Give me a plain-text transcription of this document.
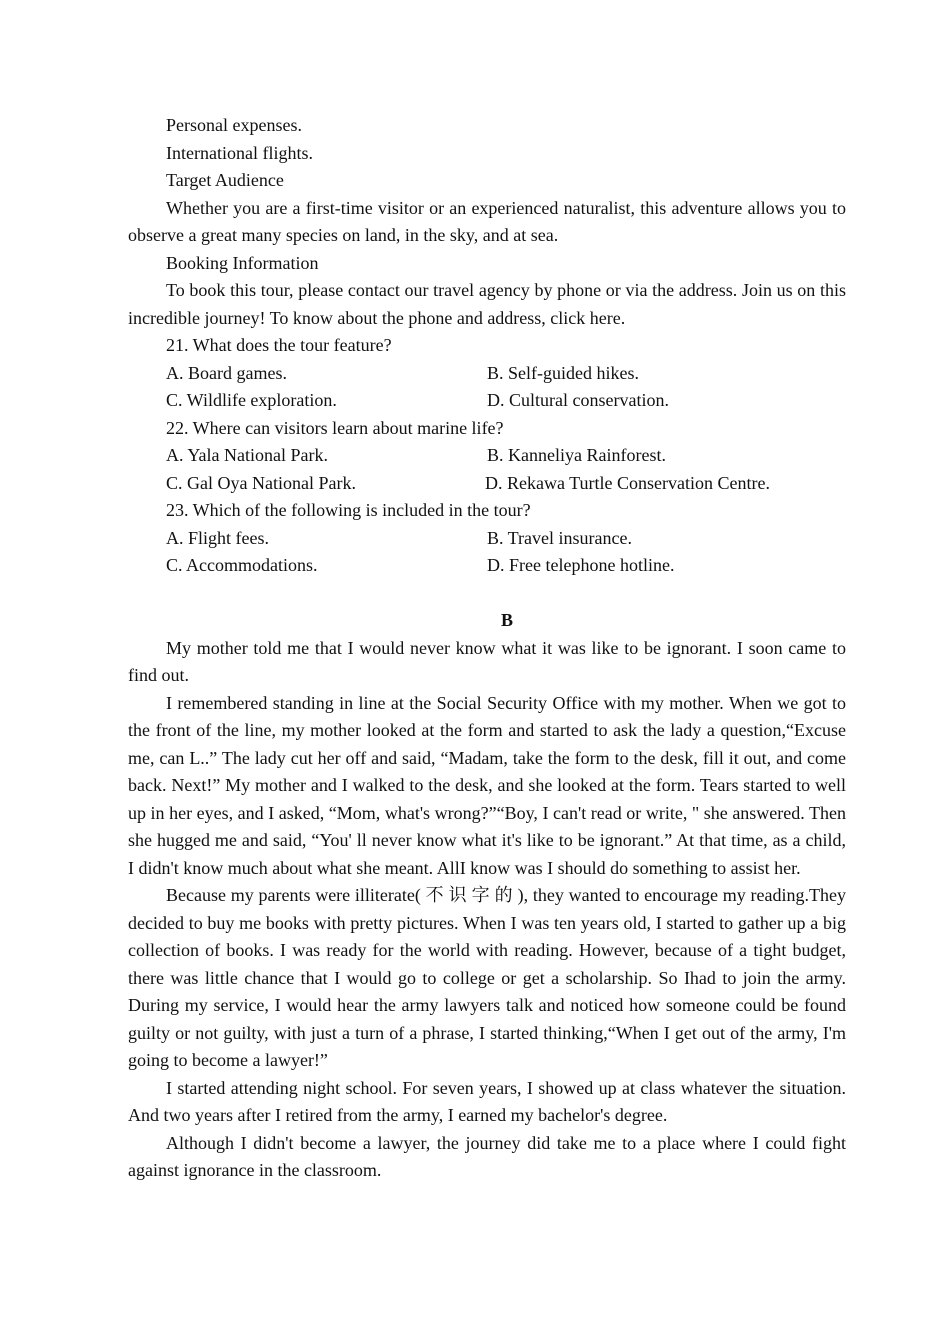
Personal expenses.
International flights.
Target Audience

Whether you are a first-time visitor or an experienced naturalist, this adventure allows you to observe a great many species on land, in the sky, and at sea.

Booking Information

To book this tour, please contact our travel agency by phone or via the address. Join us on this incredible journey! To know about the phone and address, click here.

21. What does the tour feature?
A. Board games.	B. Self-guided hikes.
C. Wildlife exploration.	D. Cultural conservation.
22. Where can visitors learn about marine life?
A. Yala National Park.	B. Kanneliya Rainforest.
C. Gal Oya National Park.	D. Rekawa Turtle Conservation Centre.
23. Which of the following is included in the tour?
A. Flight fees.	B. Travel insurance.
C. Accommodations.	D. Free telephone hotline.
B

My mother told me that I would never know what it was like to be ignorant. I soon came to find out.

I remembered standing in line at the Social Security Office with my mother. When we got to the front of the line, my mother looked at the form and started to ask the lady a question,“Excuse me, can L..” The lady cut her off and said, “Madam, take the form to the desk, fill it out, and come back. Next!” My mother and I walked to the desk, and she looked at the form. Tears started to well up in her eyes, and I asked, “Mom, what's wrong?”“Boy, I can't read or write, " she answered. Then she hugged me and said, “You' ll never know what it's like to be ignorant.” At that time, as a child, I didn't know much about what she meant. AllI know was I should do something to assist her.

Because my parents were illiterate( 不 识 字 的 ), they wanted to encourage my reading.They decided to buy me books with pretty pictures. When I was ten years old, I started to gather up a big collection of books. I was ready for the world with reading. However, because of a tight budget, there was little chance that I would go to college or get a scholarship. So Ihad to join the army. During my service, I would hear the army lawyers talk and noticed how someone could be found guilty or not guilty, with just a turn of a phrase, I started thinking,“When I get out of the army, I'm going to become a lawyer!”

I started attending night school. For seven years, I showed up at class whatever the situation. And two years after I retired from the army, I earned my bachelor's degree.

Although I didn't become a lawyer, the journey did take me to a place where I could fight against ignorance in the classroom.
